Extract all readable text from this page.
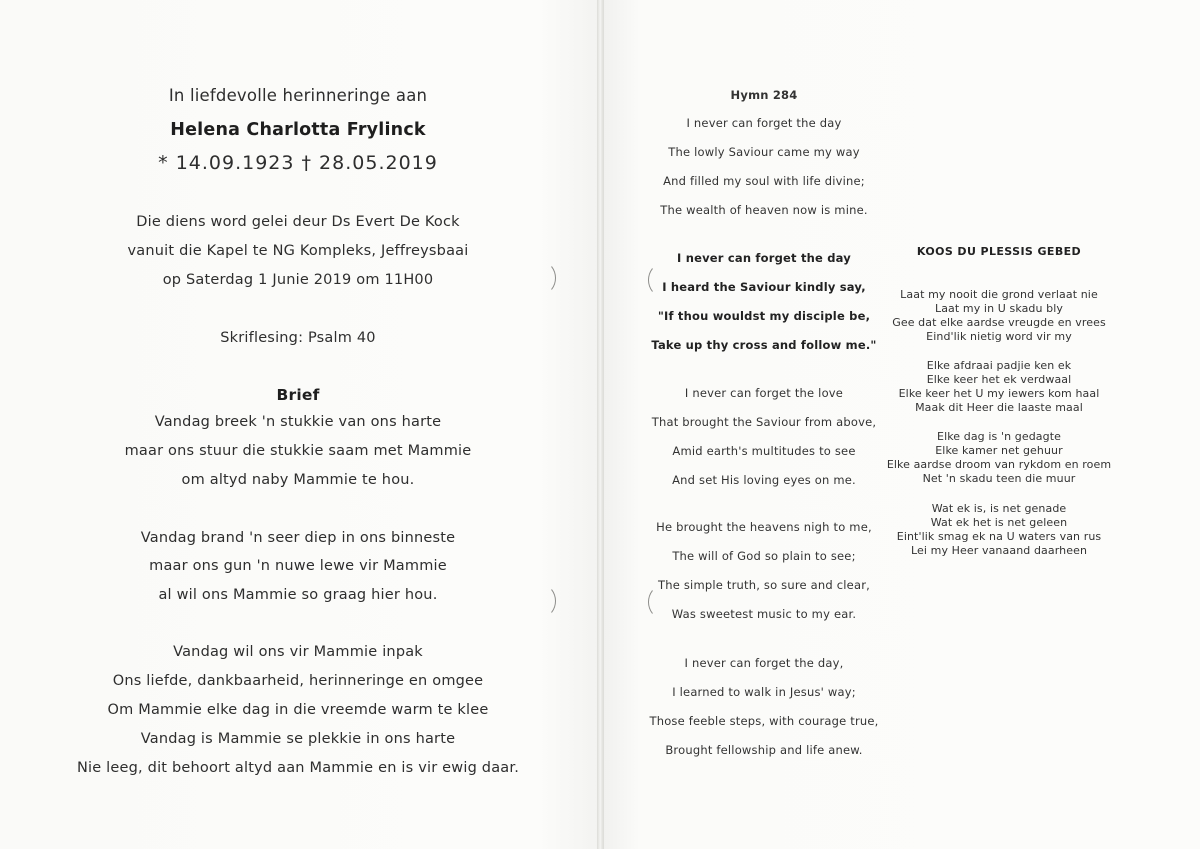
In liefdevolle herinneringe aan
Helena Charlotta Frylinck
* 14.09.1923 † 28.05.2019
Die diens word gelei deur Ds Evert De Kock
vanuit die Kapel te NG Kompleks, Jeffreysbaai
op Saterdag 1 Junie 2019 om 11H00
Skriflesing: Psalm 40
Brief
Vandag breek 'n stukkie van ons harte
maar ons stuur die stukkie saam met Mammie
om altyd naby Mammie te hou.
Vandag brand 'n seer diep in ons binneste
maar ons gun 'n nuwe lewe vir Mammie
al wil ons Mammie so graag hier hou.
Vandag wil ons vir Mammie inpak
Ons liefde, dankbaarheid, herinneringe en omgee
Om Mammie elke dag in die vreemde warm te klee
Vandag is Mammie se plekkie in ons harte
Nie leeg, dit behoort altyd aan Mammie en is vir ewig daar.
Hymn 284
I never can forget the day
The lowly Saviour came my way
And filled my soul with life divine;
The wealth of heaven now is mine.
I never can forget the day
I heard the Saviour kindly say,
"If thou wouldst my disciple be,
Take up thy cross and follow me."
I never can forget the love
That brought the Saviour from above,
Amid earth's multitudes to see
And set His loving eyes on me.
He brought the heavens nigh to me,
The will of God so plain to see;
The simple truth, so sure and clear,
Was sweetest music to my ear.
I never can forget the day,
I learned to walk in Jesus' way;
Those feeble steps, with courage true,
Brought fellowship and life anew.
KOOS DU PLESSIS GEBED
Laat my nooit die grond verlaat nie
Laat my in U skadu bly
Gee dat elke aardse vreugde en vrees
Eind'lik nietig word vir my
Elke afdraai padjie ken ek
Elke keer het ek verdwaal
Elke keer het U my iewers kom haal
Maak dit Heer die laaste maal
Elke dag is 'n gedagte
Elke kamer net gehuur
Elke aardse droom van rykdom en roem
Net 'n skadu teen die muur
Wat ek is, is net genade
Wat ek het is net geleen
Eint'lik smag ek na U waters van rus
Lei my Heer vanaand daarheen
